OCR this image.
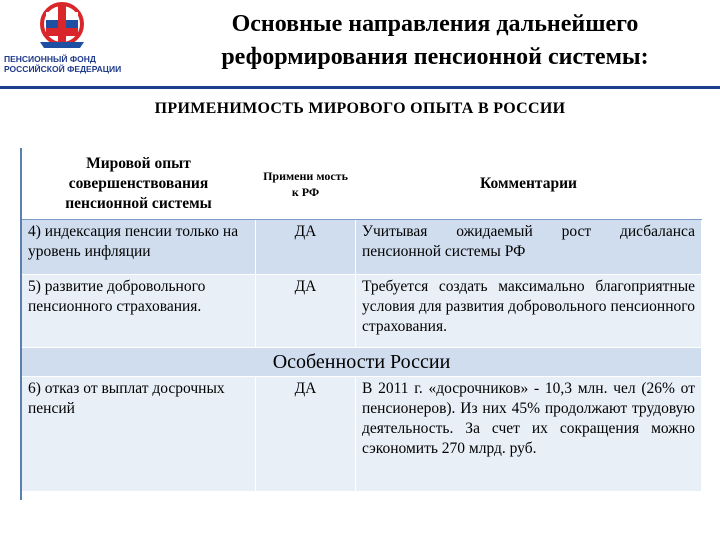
ПЕНСИОННЫЙ ФОНД
РОССИЙСКОЙ ФЕДЕРАЦИИ
Основные направления дальнейшего реформирования пенсионной системы:
ПРИМЕНИМОСТЬ МИРОВОГО ОПЫТА В РОССИИ
Мировой опыт совершенствования пенсионной системы	Примени мость к РФ	Комментарии
4) индексация пенсии только на уровень инфляции	ДА	Учитывая ожидаемый рост дисбаланса пенсионной системы РФ
5) развитие добровольного пенсионного страхования.	ДА	Требуется создать максимально благоприятные условия для развития добровольного пенсионного страхования.
Особенности России		
6) отказ от выплат досрочных пенсий	ДА	В 2011 г. «досрочников» - 10,3 млн. чел (26% от пенсионеров). Из них 45% продолжают трудовую деятельность. За счет их сокращения можно сэкономить 270 млрд. руб.
